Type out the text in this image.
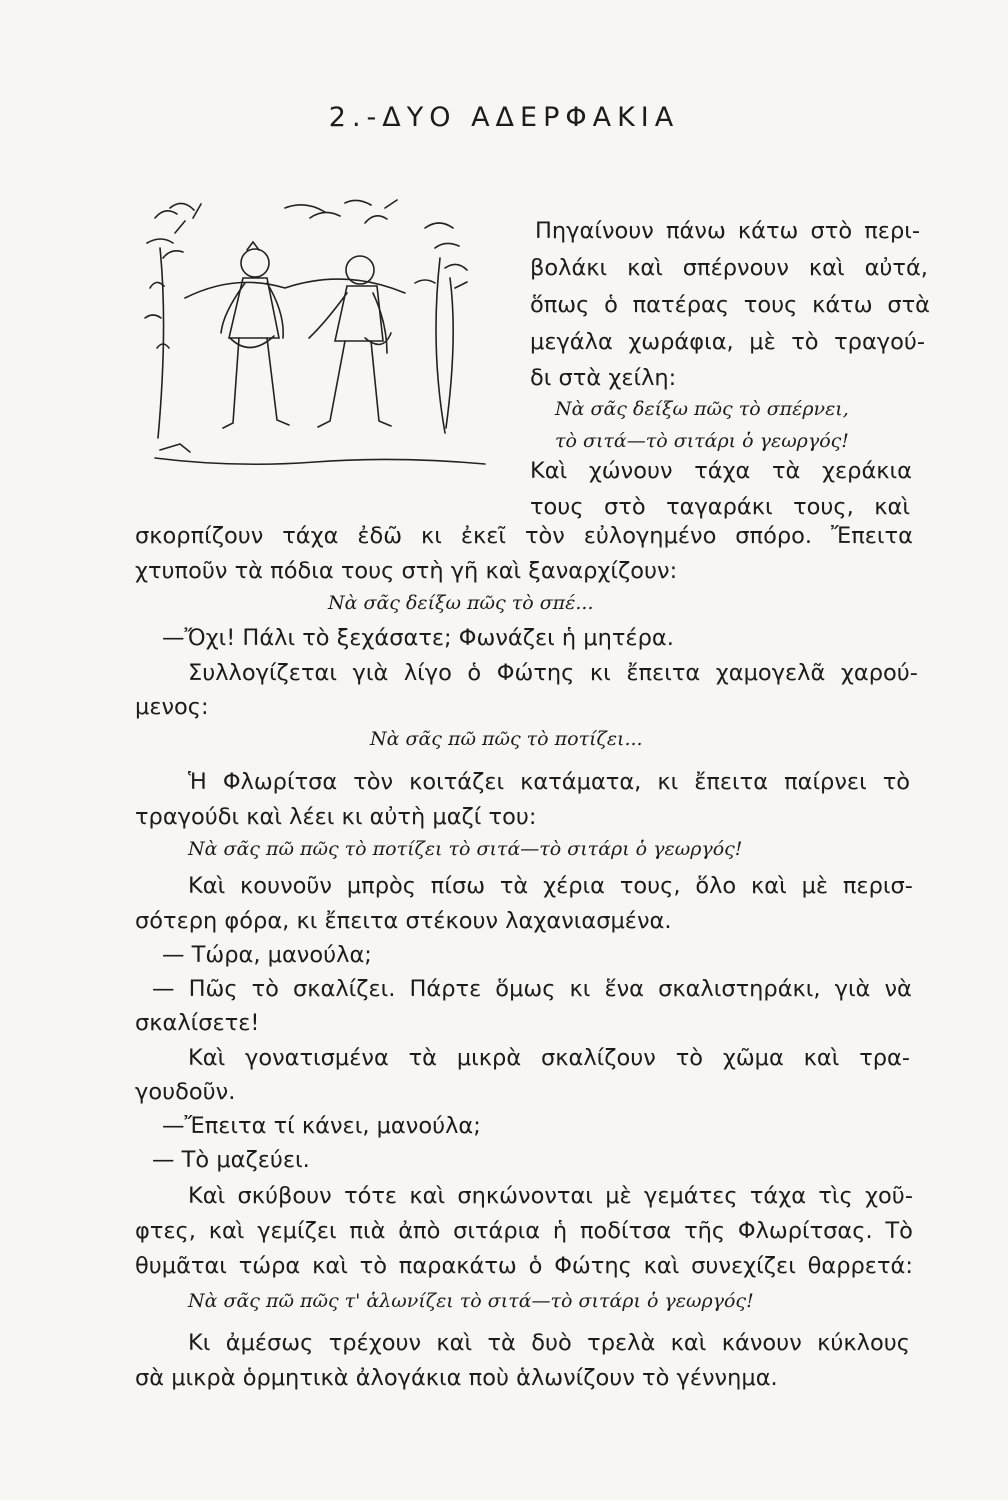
2.-ΔΥΟ ΑΔΕΡΦΑΚΙΑ
Πηγαίνουν πάνω κάτω στὸ περι-
βολάκι καὶ σπέρνουν καὶ αὐτά,
ὅπως ὁ πατέρας τους κάτω στὰ
μεγάλα χωράφια, μὲ τὸ τραγού-
δι στὰ χείλη:
Νὰ σᾶς δείξω πῶς τὸ σπέρνει,
τὸ σιτά—τὸ σιτάρι ὁ γεωργός!
Καὶ χώνουν τάχα τὰ χεράκια
τους στὸ ταγαράκι τους, καὶ
σκορπίζουν τάχα ἐδῶ κι ἐκεῖ τὸν εὐλογημένο σπόρο. Ἔπειτα
χτυποῦν τὰ πόδια τους στὴ γῆ καὶ ξαναρχίζουν:
Νὰ σᾶς δείξω πῶς τὸ σπέ...
—Ὄχι! Πάλι τὸ ξεχάσατε; Φωνάζει ἡ μητέρα.
Συλλογίζεται γιὰ λίγο ὁ Φώτης κι ἔπειτα χαμογελᾶ χαρού-
μενος:
Νὰ σᾶς πῶ πῶς τὸ ποτίζει...
Ἡ Φλωρίτσα τὸν κοιτάζει κατάματα, κι ἔπειτα παίρνει τὸ
τραγούδι καὶ λέει κι αὐτὴ μαζί του:
Νὰ σᾶς πῶ πῶς τὸ ποτίζει τὸ σιτά—τὸ σιτάρι ὁ γεωργός!
Καὶ κουνοῦν μπρὸς πίσω τὰ χέρια τους, ὅλο καὶ μὲ περισ-
σότερη φόρα, κι ἔπειτα στέκουν λαχανιασμένα.
— Τώρα, μανούλα;
— Πῶς τὸ σκαλίζει. Πάρτε ὅμως κι ἕνα σκαλιστηράκι, γιὰ νὰ
σκαλίσετε!
Καὶ γονατισμένα τὰ μικρὰ σκαλίζουν τὸ χῶμα καὶ τρα-
γουδοῦν.
—Ἔπειτα τί κάνει, μανούλα;
— Τὸ μαζεύει.
Καὶ σκύβουν τότε καὶ σηκώνονται μὲ γεμάτες τάχα τὶς χοῦ-
φτες, καὶ γεμίζει πιὰ ἀπὸ σιτάρια ἡ ποδίτσα τῆς Φλωρίτσας. Τὸ
θυμᾶται τώρα καὶ τὸ παρακάτω ὁ Φώτης καὶ συνεχίζει θαρρετά:
Νὰ σᾶς πῶ πῶς τ' ἁλωνίζει τὸ σιτά—τὸ σιτάρι ὁ γεωργός!
Κι ἀμέσως τρέχουν καὶ τὰ δυὸ τρελὰ καὶ κάνουν κύκλους
σὰ μικρὰ ὁρμητικὰ ἀλογάκια ποὺ ἁλωνίζουν τὸ γέννημα.
